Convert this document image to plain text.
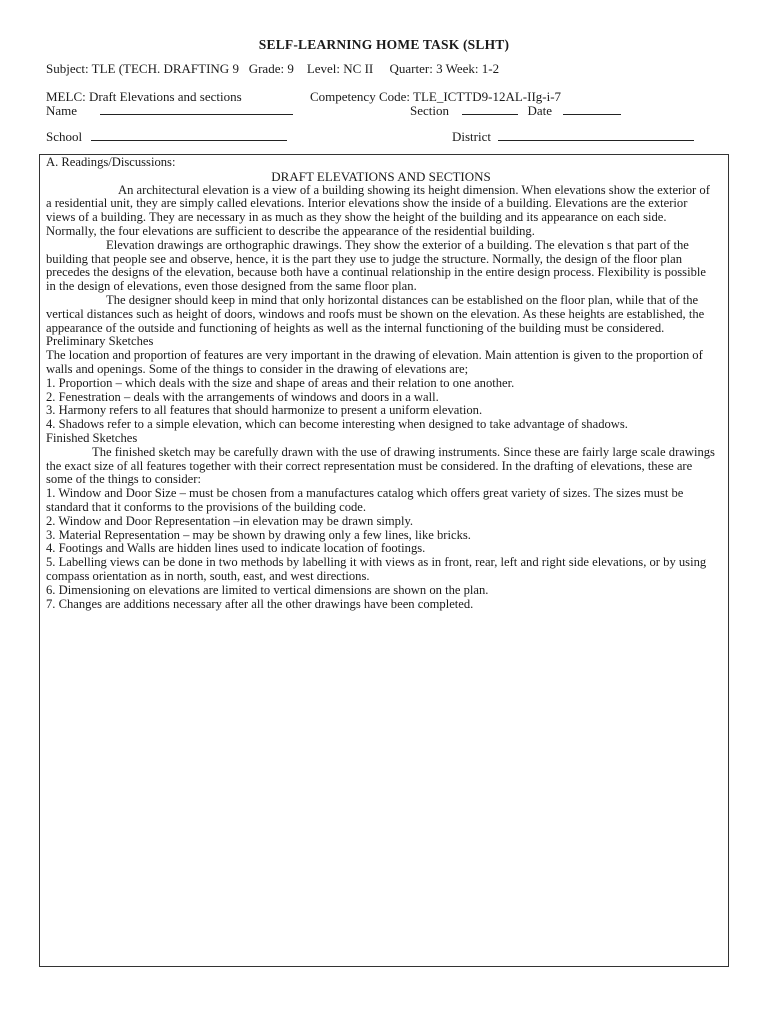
SELF-LEARNING HOME TASK (SLHT)
Subject: TLE (TECH. DRAFTING 9 Grade: 9 Level: NC II Quarter: 3 Week: 1-2
MELC: Draft Elevations and sections	Competency Code: TLE_ICTTD9-12AL-IIg-i-7
Name	Section	Date
School	District

A. Readings/Discussions:

DRAFT ELEVATIONS AND SECTIONS

An architectural elevation is a view of a building showing its height dimension. When elevations show the exterior of a residential unit, they are simply called elevations. Interior elevations show the inside of a building. Elevations are the exterior views of a building. They are necessary in as much as they show the height of the building and its appearance on each side. Normally, the four elevations are sufficient to describe the appearance of the residential building.

Elevation drawings are orthographic drawings. They show the exterior of a building. The elevation s that part of the building that people see and observe, hence, it is the part they use to judge the structure. Normally, the design of the floor plan precedes the designs of the elevation, because both have a continual relationship in the entire design process. Flexibility is possible in the design of elevations, even those designed from the same floor plan.

The designer should keep in mind that only horizontal distances can be established on the floor plan, while that of the vertical distances such as height of doors, windows and roofs must be shown on the elevation. As these heights are established, the appearance of the outside and functioning of heights as well as the internal functioning of the building must be considered.

Preliminary Sketches

The location and proportion of features are very important in the drawing of elevation. Main attention is given to the proportion of walls and openings. Some of the things to consider in the drawing of elevations are;

1. Proportion – which deals with the size and shape of areas and their relation to one another.

2. Fenestration – deals with the arrangements of windows and doors in a wall.

3. Harmony refers to all features that should harmonize to present a uniform elevation.

4. Shadows refer to a simple elevation, which can become interesting when designed to take advantage of shadows.

Finished Sketches

The finished sketch may be carefully drawn with the use of drawing instruments. Since these are fairly large scale drawings the exact size of all features together with their correct representation must be considered. In the drafting of elevations, these are some of the things to consider:

1. Window and Door Size – must be chosen from a manufactures catalog which offers great variety of sizes. The sizes must be standard that it conforms to the provisions of the building code.

2. Window and Door Representation –in elevation may be drawn simply.

3. Material Representation – may be shown by drawing only a few lines, like bricks.

4. Footings and Walls are hidden lines used to indicate location of footings.

5. Labelling views can be done in two methods by labelling it with views as in front, rear, left and right side elevations, or by using compass orientation as in north, south, east, and west directions.

6. Dimensioning on elevations are limited to vertical dimensions are shown on the plan.

7. Changes are additions necessary after all the other drawings have been completed.
